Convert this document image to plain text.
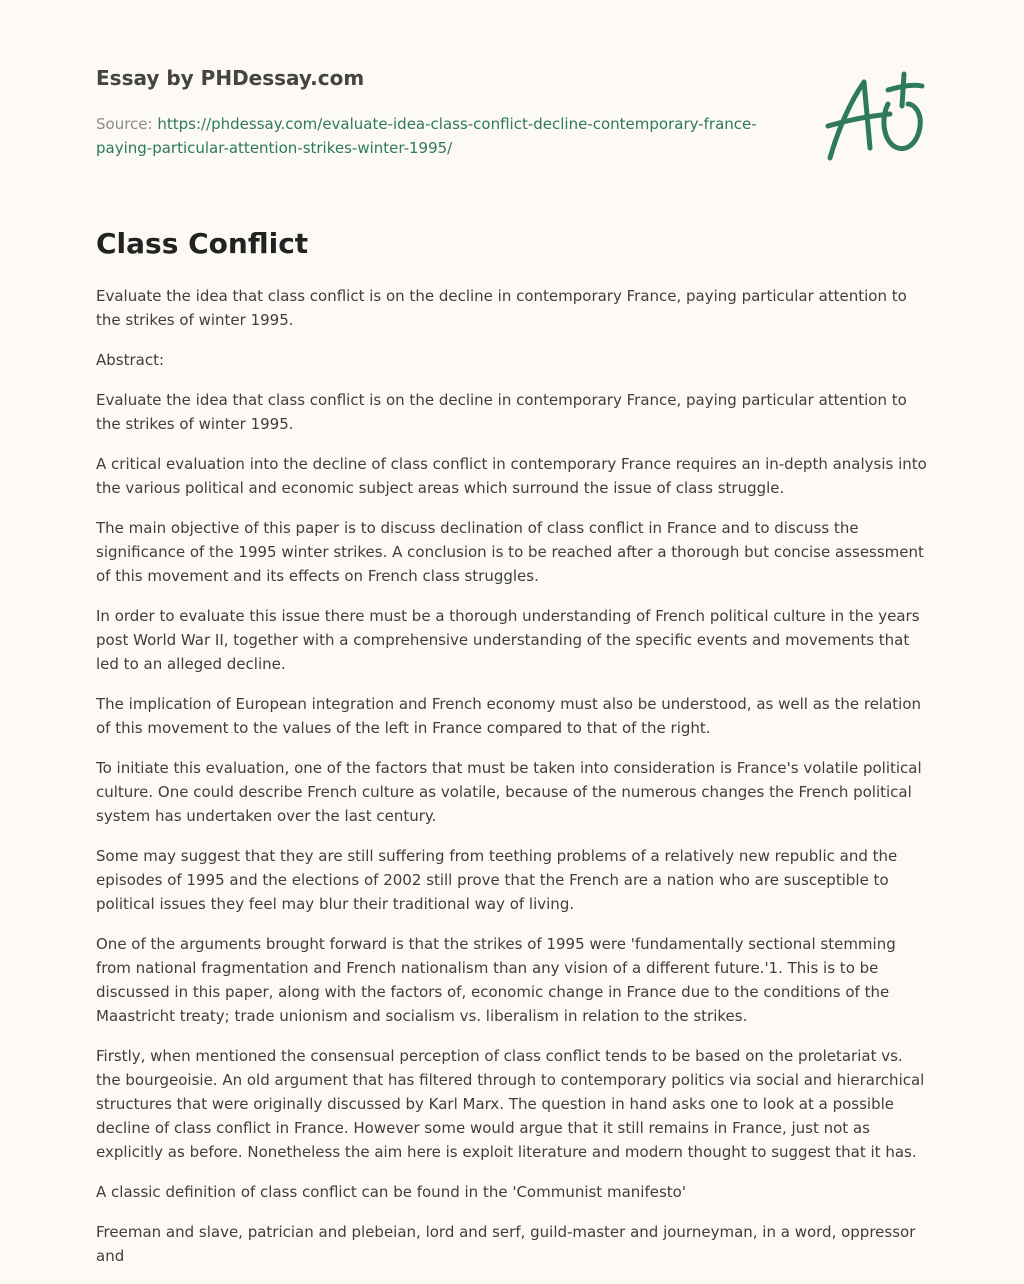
Essay by PHDessay.com
Source: https://phdessay.com/evaluate-idea-class-conflict-decline-contemporary-france-
paying-particular-attention-strikes-winter-1995/
Class Conflict

Evaluate the idea that class conflict is on the decline in contemporary France, paying particular attention to the strikes of winter 1995.

Abstract:

Evaluate the idea that class conflict is on the decline in contemporary France, paying particular attention to the strikes of winter 1995.

A critical evaluation into the decline of class conflict in contemporary France requires an in-depth analysis into the various political and economic subject areas which surround the issue of class struggle.

The main objective of this paper is to discuss declination of class conflict in France and to discuss the significance of the 1995 winter strikes. A conclusion is to be reached after a thorough but concise assessment of this movement and its effects on French class struggles.

In order to evaluate this issue there must be a thorough understanding of French political culture in the years post World War II, together with a comprehensive understanding of the specific events and movements that led to an alleged decline.

The implication of European integration and French economy must also be understood, as well as the relation of this movement to the values of the left in France compared to that of the right.

To initiate this evaluation, one of the factors that must be taken into consideration is France's volatile political culture. One could describe French culture as volatile, because of the numerous changes the French political system has undertaken over the last century.

Some may suggest that they are still suffering from teething problems of a relatively new republic and the episodes of 1995 and the elections of 2002 still prove that the French are a nation who are susceptible to political issues they feel may blur their traditional way of living.

One of the arguments brought forward is that the strikes of 1995 were 'fundamentally sectional stemming from national fragmentation and French nationalism than any vision of a different future.'1. This is to be discussed in this paper, along with the factors of, economic change in France due to the conditions of the Maastricht treaty; trade unionism and socialism vs. liberalism in relation to the strikes.

Firstly, when mentioned the consensual perception of class conflict tends to be based on the proletariat vs. the bourgeoisie. An old argument that has filtered through to contemporary politics via social and hierarchical structures that were originally discussed by Karl Marx. The question in hand asks one to look at a possible decline of class conflict in France. However some would argue that it still remains in France, just not as explicitly as before. Nonetheless the aim here is exploit literature and modern thought to suggest that it has.

A classic definition of class conflict can be found in the 'Communist manifesto'

Freeman and slave, patrician and plebeian, lord and serf, guild-master and journeyman, in a word, oppressor and
